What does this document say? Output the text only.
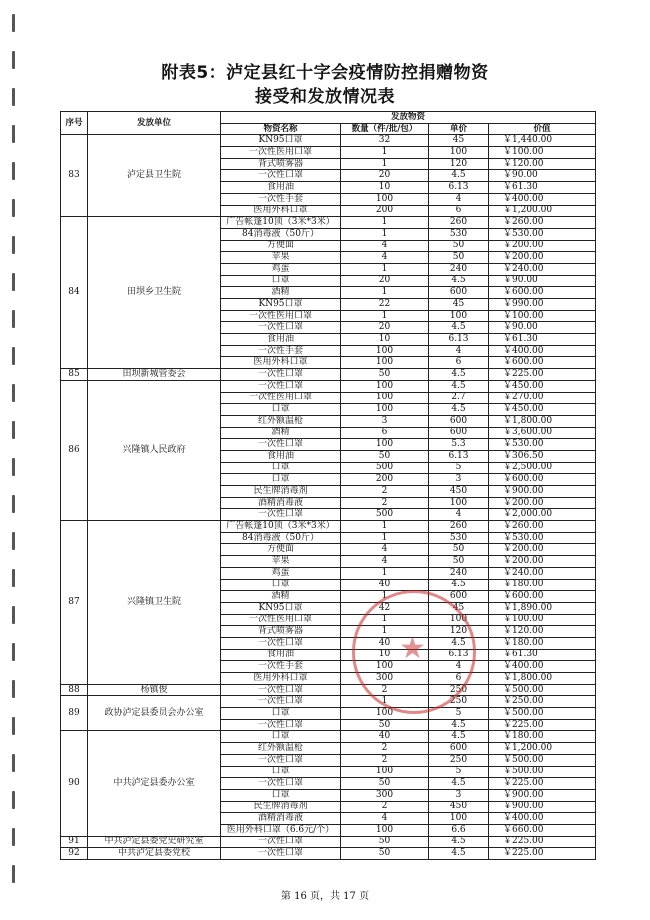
附表5：泸定县红十字会疫情防控捐赠物资
接受和发放情况表
序号	发放单位	发放物资			
		物资名称	数量（件/批/包）	单价	价值
83	泸定县卫生院	KN95口罩	32	45	￥1,440.00
		一次性医用口罩	1	100	￥100.00
		背式喷雾器	1	120	￥120.00
		一次性口罩	20	4.5	￥90.00
		食用油	10	6.13	￥61.30
		一次性手套	100	4	￥400.00
		医用外科口罩	200	6	￥1,200.00
84	田坝乡卫生院	广告帐篷10顶（3米*3米）	1	260	￥260.00
		84消毒液（50斤）	1	530	￥530.00
		方便面	4	50	￥200.00
		苹果	4	50	￥200.00
		鸡蛋	1	240	￥240.00
		口罩	20	4.5	￥90.00
		酒精	1	600	￥600.00
		KN95口罩	22	45	￥990.00
		一次性医用口罩	1	100	￥100.00
		一次性口罩	20	4.5	￥90.00
		食用油	10	6.13	￥61.30
		一次性手套	100	4	￥400.00
		医用外科口罩	100	6	￥600.00
85	田坝新城管委会	一次性口罩	50	4.5	￥225.00
86	兴隆镇人民政府	一次性口罩	100	4.5	￥450.00
		一次性医用口罩	100	2.7	￥270.00
		口罩	100	4.5	￥450.00
		红外额温枪	3	600	￥1,800.00
		酒精	6	600	￥3,600.00
		一次性口罩	100	5.3	￥530.00
		食用油	50	6.13	￥306.50
		口罩	500	5	￥2,500.00
		口罩	200	3	￥600.00
		民生牌消毒剂	2	450	￥900.00
		酒精消毒液	2	100	￥200.00
		一次性口罩	500	4	￥2,000.00
87	兴隆镇卫生院	广告帐篷10顶（3米*3米）	1	260	￥260.00
		84消毒液（50斤）	1	530	￥530.00
		方便面	4	50	￥200.00
		苹果	4	50	￥200.00
		鸡蛋	1	240	￥240.00
		口罩	40	4.5	￥180.00
		酒精	1	600	￥600.00
		KN95口罩	42	45	￥1,890.00
		一次性医用口罩	1	100	￥100.00
		背式喷雾器	1	120	￥120.00
		一次性口罩	40	4.5	￥180.00
		食用油	10	6.13	￥61.30
		一次性手套	100	4	￥400.00
		医用外科口罩	300	6	￥1,800.00
88	杨镇俊	一次性口罩	2	250	￥500.00
89	政协泸定县委员会办公室	一次性口罩	1	250	￥250.00
		口罩	100	5	￥500.00
		一次性口罩	50	4.5	￥225.00
90	中共泸定县委办公室	口罩	40	4.5	￥180.00
		红外额温枪	2	600	￥1,200.00
		一次性口罩	2	250	￥500.00
		口罩	100	5	￥500.00
		一次性口罩	50	4.5	￥225.00
		口罩	300	3	￥900.00
		民生牌消毒剂	2	450	￥900.00
		酒精消毒液	4	100	￥400.00
		医用外科口罩（6.6元/个）	100	6.6	￥660.00
91	中共泸定县委党史研究室	一次性口罩	50	4.5	￥225.00
92	中共泸定县委党校	一次性口罩	50	4.5	￥225.00
★
第 16 页，共 17 页
